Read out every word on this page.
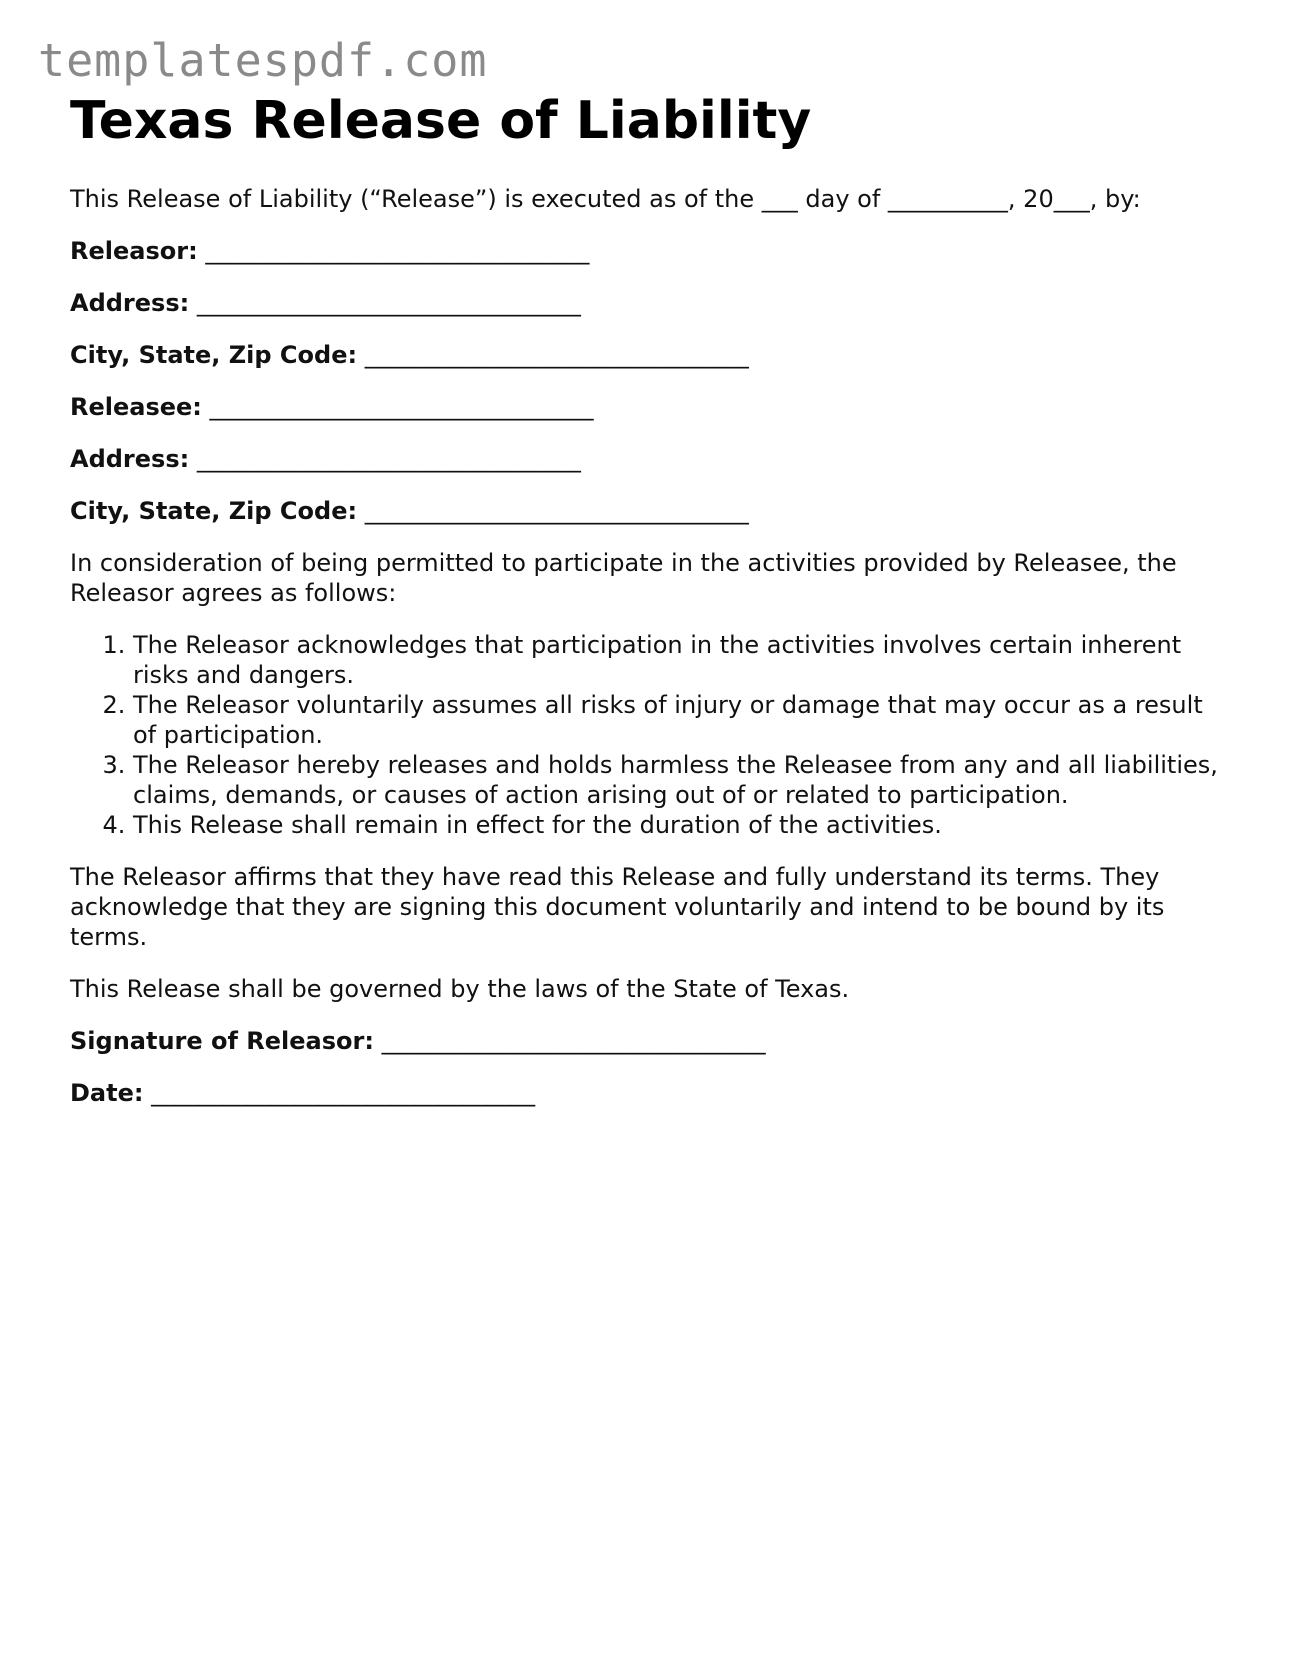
templatespdf.com
Texas Release of Liability

This Release of Liability (“Release”) is executed as of the ___ day of __________, 20___, by:

Releasor: ________________________________

Address: ________________________________

City, State, Zip Code: ________________________________

Releasee: ________________________________

Address: ________________________________

City, State, Zip Code: ________________________________

In consideration of being permitted to participate in the activities provided by Releasee, the Releasor agrees as follows:

1. The Releasor acknowledges that participation in the activities involves certain inherent risks and dangers.
2. The Releasor voluntarily assumes all risks of injury or damage that may occur as a result of participation.
3. The Releasor hereby releases and holds harmless the Releasee from any and all liabilities, claims, demands, or causes of action arising out of or related to participation.
4. This Release shall remain in effect for the duration of the activities.

The Releasor affirms that they have read this Release and fully understand its terms. They acknowledge that they are signing this document voluntarily and intend to be bound by its terms.

This Release shall be governed by the laws of the State of Texas.

Signature of Releasor: ________________________________

Date: ________________________________
